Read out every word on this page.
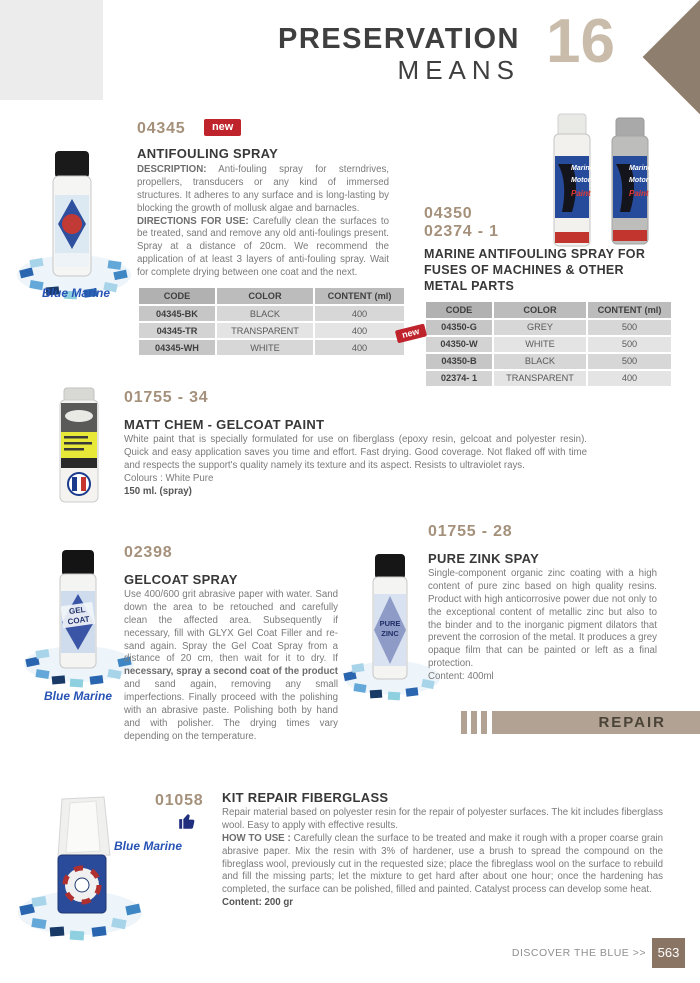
PRESERVATION
MEANS 16
Blue Marine
04345 new
ANTIFOULING SPRAY
DESCRIPTION: Anti-fouling spray for sterndrives, propellers, transducers or any kind of immersed structures. It adheres to any surface and is long-lasting by blocking the growth of mollusk algae and barnacles.
DIRECTIONS FOR USE: Carefully clean the surfaces to be treated, sand and remove any old anti-foulings present. Spray at a distance of 20cm. We recommend the application of at least 3 layers of anti-fouling spray. Wait for complete drying between one coat and the next.
CODE	COLOR	CONTENT (ml)
04345-BK	BLACK	400
04345-TR	TRANSPARENT	400
04345-WH	WHITE	400
Marine
Motor
Paint
Marine
Motor
Paint
04350
02374 - 1
MARINE ANTIFOULING SPRAY FOR FUSES OF MACHINES & OTHER METAL PARTS
CODE	COLOR	CONTENT (ml)
04350-G	GREY	500
04350-W	WHITE	500
04350-B	BLACK	500
02374- 1	TRANSPARENT	400
new
01755 - 34
MATT CHEM - GELCOAT PAINT
White paint that is specially formulated for use on fiberglass (epoxy resin, gelcoat and polyester resin). Quick and easy application saves you time and effort. Fast drying. Good coverage. Not flaked off with time and respects the support's quality namely its texture and its aspect. Resists to ultraviolet rays.
Colours : White Pure
150 ml. (spray)
GEL
COAT
Blue Marine
02398
GELCOAT SPRAY
Use 400/600 grit abrasive paper with water. Sand down the area to be retouched and carefully clean the affected area. Subsequently if necessary, fill with GLYX Gel Coat Filler and re-sand again. Spray the Gel Coat Spray from a distance of 20 cm, then wait for it to dry. If necessary, spray a second coat of the product and sand again, removing any small imperfections. Finally proceed with the polishing with an abrasive paste. Polishing both by hand and with polisher. The drying times vary depending on the temperature.
PURE
ZINC
01755 - 28
PURE ZINK SPAY
Single-component organic zinc coating with a high content of pure zinc based on high quality resins. Product with high anticorrosive power due not only to the exceptional content of metallic zinc but also to the binder and to the inorganic pigment dilators that prevent the corrosion of the metal. It produces a grey opaque film that can be painted or left as a final protection.
Content: 400ml
REPAIR
Blue Marine
01058 KIT REPAIR FIBERGLASS
Repair material based on polyester resin for the repair of polyester surfaces. The kit includes fiberglass wool. Easy to apply with effective results.
HOW TO USE : Carefully clean the surface to be treated and make it rough with a proper coarse grain abrasive paper. Mix the resin with 3% of hardener, use a brush to spread the compound on the fibreglass wool, previously cut in the requested size; place the fibreglass wool on the surface to rebuild and fill the missing parts; let the mixture to get hard after about one hour; once the hardening has completed, the surface can be polished, filled and painted. Catalyst process can develop some heat.
Content: 200 gr
DISCOVER THE BLUE >> 563
